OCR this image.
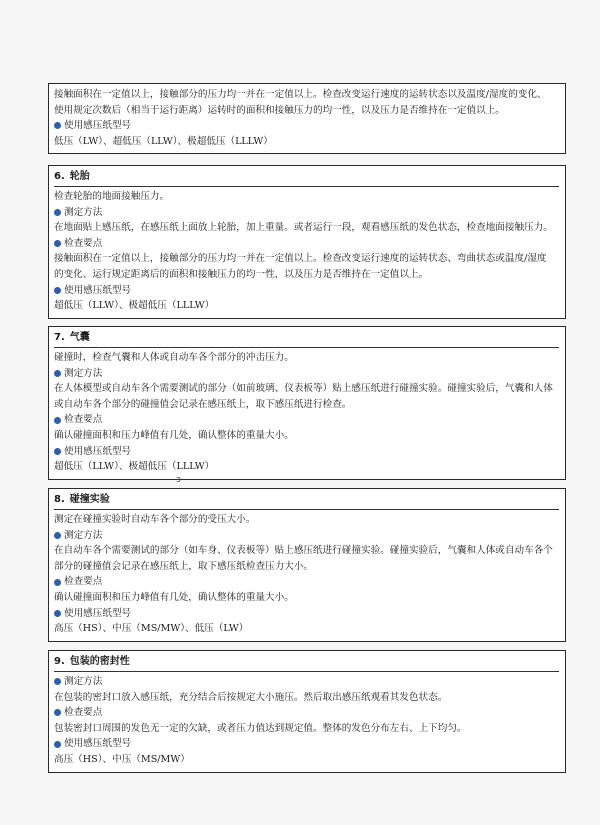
接触面积在一定值以上，接触部分的压力均一并在一定值以上。检查改变运行速度的运转状态以及温度/湿度的变化、

使用规定次数后（相当于运行距离）运转时的面积和接触压力的均一性，以及压力是否维持在一定值以上。

使用感压纸型号

低压（LW）、超低压（LLW）、极超低压（LLLW）

6. 轮胎

检查轮胎的地面接触压力。

测定方法

在地面贴上感压纸，在感压纸上面放上轮胎，加上重量。或者运行一段，观看感压纸的发色状态，检查地面接触压力。

检查要点

接触面积在一定值以上，接触部分的压力均一并在一定值以上。检查改变运行速度的运转状态、弯曲状态或温度/湿度

的变化、运行规定距离后的面积和接触压力的均一性，以及压力是否维持在一定值以上。

使用感压纸型号

超低压（LLW）、极超低压（LLLW）

7. 气囊

碰撞时，检查气囊和人体或自动车各个部分的冲击压力。

测定方法

在人体模型或自动车各个需要测试的部分（如前玻璃、仪表板等）贴上感压纸进行碰撞实验。碰撞实验后，气囊和人体

或自动车各个部分的碰撞值会记录在感压纸上，取下感压纸进行检查。

检查要点

确认碰撞面积和压力峰值有几处，确认整体的重量大小。

使用感压纸型号

超低压（LLW）、极超低压（LLLW）

ↄ
8. 碰撞实验

测定在碰撞实验时自动车各个部分的受压大小。

测定方法

在自动车各个需要测试的部分（如车身、仪表板等）贴上感压纸进行碰撞实验。碰撞实验后，气囊和人体或自动车各个

部分的碰撞值会记录在感压纸上，取下感压纸检查压力大小。

检查要点

确认碰撞面积和压力峰值有几处，确认整体的重量大小。

使用感压纸型号

高压（HS）、中压（MS/MW）、低压（LW）

9. 包装的密封性

测定方法

在包装的密封口放入感压纸，充分结合后按规定大小施压。然后取出感压纸观看其发色状态。

检查要点

包装密封口周围的发色无一定的欠缺，或者压力值达到规定值。整体的发色分布左右、上下均匀。

使用感压纸型号

高压（HS）、中压（MS/MW）
